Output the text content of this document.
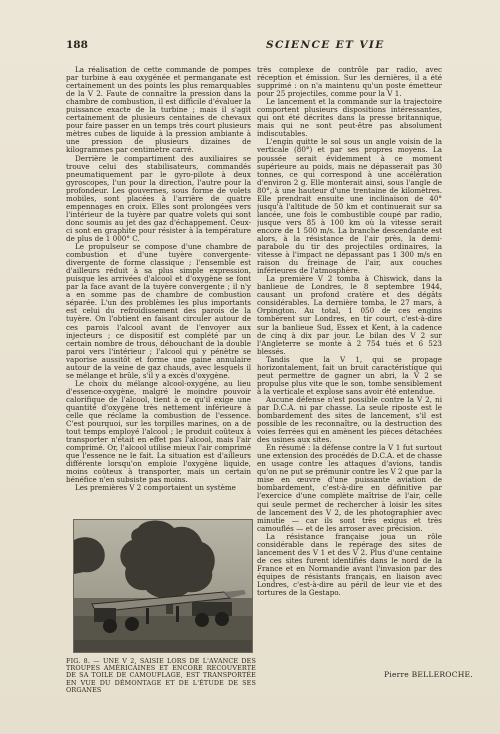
188	SCIENCE ET VIE

La réalisation de cette commande de pompes par turbine à eau oxygénée et permanganate est certainement un des points les plus remarquables de la V 2. Faute de connaître la pression dans la chambre de combustion, il est difficile d'évaluer la puissance exacte de la turbine ; mais il s'agit certainement de plusieurs centaines de chevaux pour faire passer en un temps très court plusieurs mètres cubes de liquide à la pression ambiante à une pression de plusieurs dizaines de kilogrammes par centimètre carré.

Derrière le compartiment des auxiliaires se trouve celui des stabilisateurs, commandés pneumatiquement par le gyro-pilote à deux gyroscopes, l'un pour la direction, l'autre pour la profondeur. Les gouvernes, sous forme de volets mobiles, sont placées à l'arrière de quatre empennages en croix. Elles sont prolongées vers l'intérieur de la tuyère par quatre volets qui sont donc soumis au jet des gaz d'échappement. Ceux-ci sont en graphite pour résister à la température de plus de 1 000° C.

Le propulseur se compose d'une chambre de combustion et d'une tuyère convergente-divergente de forme classique ; l'ensemble est d'ailleurs réduit à sa plus simple expression, puisque les arrivées d'alcool et d'oxygène se font par la face avant de la tuyère convergente ; il n'y a en somme pas de chambre de combustion séparée. L'un des problèmes les plus importants est celui du refroidissement des parois de la tuyère. On l'obtient en faisant circuler autour de ces parois l'alcool avant de l'envoyer aux injecteurs ; ce dispositif est complété par un certain nombre de trous, débouchant de la double paroi vers l'intérieur ; l'alcool qui y pénètre se vaporise aussitôt et forme une gaine annulaire autour de la veine de gaz chauds, avec lesquels il se mélange et brûle, s'il y a excès d'oxygène.

Le choix du mélange alcool-oxygène, au lieu d'essence-oxygène, malgré le moindre pouvoir calorifique de l'alcool, tient à ce qu'il exige une quantité d'oxygène très nettement inférieure à celle que réclame la combustion de l'essence. C'est pourquoi, sur les torpilles marines, on a de tout temps employé l'alcool ; le produit coûteux à transporter n'était en effet pas l'alcool, mais l'air comprimé. Or, l'alcool utilise mieux l'air comprimé que l'essence ne le fait. La situation est d'ailleurs différente lorsqu'on emploie l'oxygène liquide, moins coûteux à transporter, mais un certain bénéfice n'en subsiste pas moins.

Les premières V 2 comportaient un système

FIG. 8. — UNE V 2, SAISIE LORS DE L'AVANCE DES TROUPES AMÉRICAINES ET ENCORE RECOUVERTE DE SA TOILE DE CAMOUFLAGE, EST TRANSPORTÉE EN VUE DU DÉMONTAGE ET DE L'ÉTUDE DE SES ORGANES

très complexe de contrôle par radio, avec réception et émission. Sur les dernières, il a été supprimé : on n'a maintenu qu'un poste émetteur pour 25 projectiles, comme pour la V 1.

Le lancement et la commande sur la trajectoire comportent plusieurs dispositions intéressantes, qui ont été décrites dans la presse britannique, mais qui ne sont peut-être pas absolument indiscutables.

L'engin quitte le sol sous un angle voisin de la verticale (80°) et par ses propres moyens. La poussée serait évidemment à ce moment supérieure au poids, mais ne dépasserait pas 30 tonnes, ce qui correspond à une accélération d'environ 2 g. Elle monterait ainsi, sous l'angle de 80°, à une hauteur d'une trentaine de kilomètres. Elle prendrait ensuite une inclinaison de 40° jusqu'à l'altitude de 50 km et continuerait sur sa lancée, une fois le combustible coupé par radio, jusque vers 85 à 100 km où la vitesse serait encore de 1 500 m/s. La branche descendante est alors, à la résistance de l'air près, la demi-parabole du tir des projectiles ordinaires, la vitesse à l'impact ne dépassant pas 1 300 m/s en raison du freinage de l'air, aux couches inférieures de l'atmosphère.

La première V 2 tomba à Chiswick, dans la banlieue de Londres, le 8 septembre 1944, causant un profond cratère et des dégâts considérables. La dernière tomba, le 27 mars, à Orpington. Au total, 1 050 de ces engins tombèrent sur Londres, en tir court, c'est-à-dire sur la banlieue Sud, Essex et Kent, à la cadence de cinq à dix par jour. Le bilan des V 2 sur l'Angleterre se monte à 2 754 tués et 6 523 blessés.

Tandis que la V 1, qui se propage horizontalement, fait un bruit caractéristique qui peut permettre de gagner un abri, la V 2 se propulse plus vite que le son, tombe sensiblement à la verticale et explose sans avoir été entendue.

Aucune défense n'est possible contre la V 2, ni par D.C.A. ni par chasse. La seule riposte est le bombardement des sites de lancement, s'il est possible de les reconnaître, ou la destruction des voies ferrées qui en amènent les pièces détachées des usines aux sites.

En résumé : la défense contre la V 1 fut surtout une extension des procédés de D.C.A. et de chasse en usage contre les attaques d'avions, tandis qu'on ne put se prémunir contre les V 2 que par la mise en œuvre d'une puissante aviation de bombardement, c'est-à-dire en définitive par l'exercice d'une complète maîtrise de l'air, celle qui seule permet de rechercher à loisir les sites de lancement des V 2, de les photographier avec minutie — car ils sont très exigus et très camouflés — et de les arroser avec précision.

La résistance française joua un rôle considérable dans le repérage des sites de lancement des V 1 et des V 2. Plus d'une centaine de ces sites furent identifiés dans le nord de la France et en Normandie avant l'invasion par des équipes de résistants français, en liaison avec Londres, c'est-à-dire au péril de leur vie et des tortures de la Gestapo.

Pierre BELLEROCHE.
